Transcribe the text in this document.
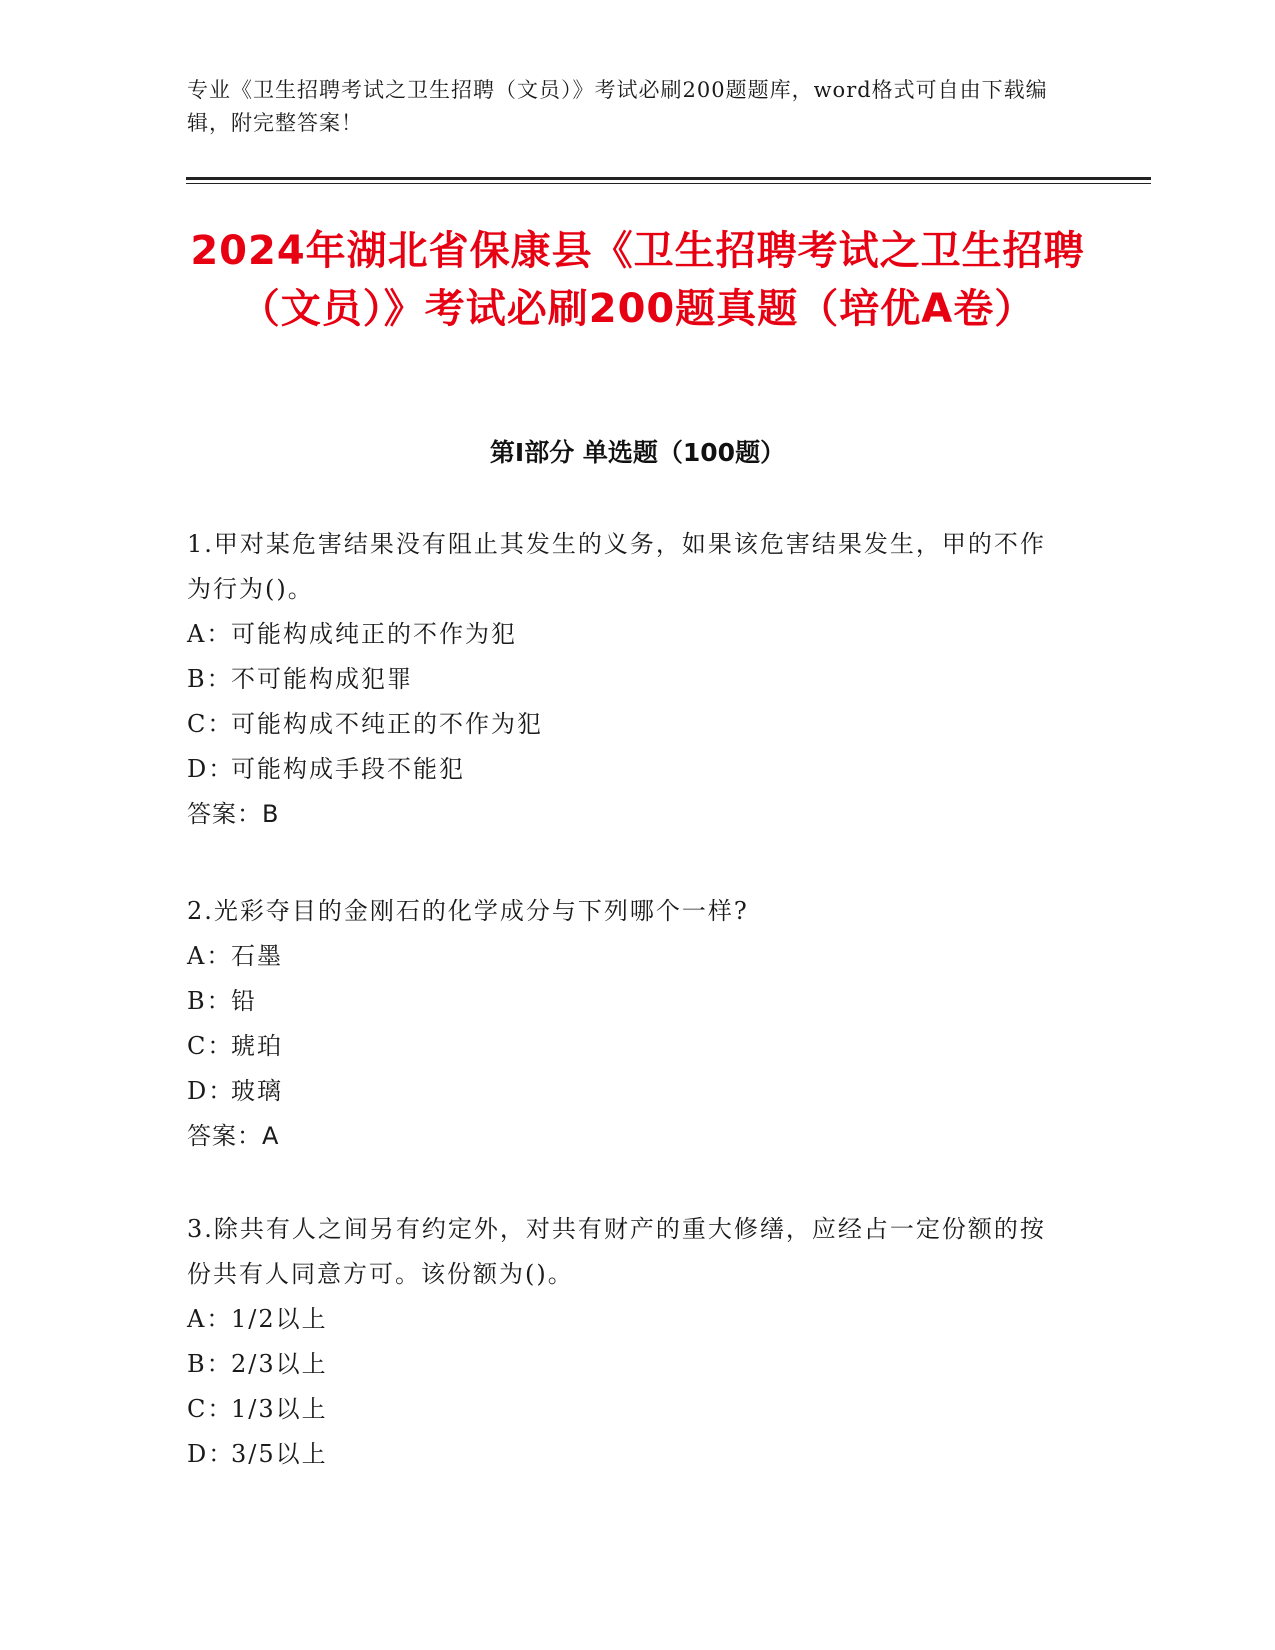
专业《卫生招聘考试之卫生招聘（文员）》考试必刷200题题库，word格式可自由下载编辑，附完整答案！
2024年湖北省保康县《卫生招聘考试之卫生招聘（文员）》考试必刷200题真题（培优A卷）
第I部分 单选题（100题）
1.甲对某危害结果没有阻止其发生的义务，如果该危害结果发生，甲的不作为行为()。
A：可能构成纯正的不作为犯
B：不可能构成犯罪
C：可能构成不纯正的不作为犯
D：可能构成手段不能犯
答案：B
2.光彩夺目的金刚石的化学成分与下列哪个一样?
A：石墨
B：铅
C：琥珀
D：玻璃
答案：A
3.除共有人之间另有约定外，对共有财产的重大修缮，应经占一定份额的按份共有人同意方可。该份额为()。
A：1/2以上
B：2/3以上
C：1/3以上
D：3/5以上
